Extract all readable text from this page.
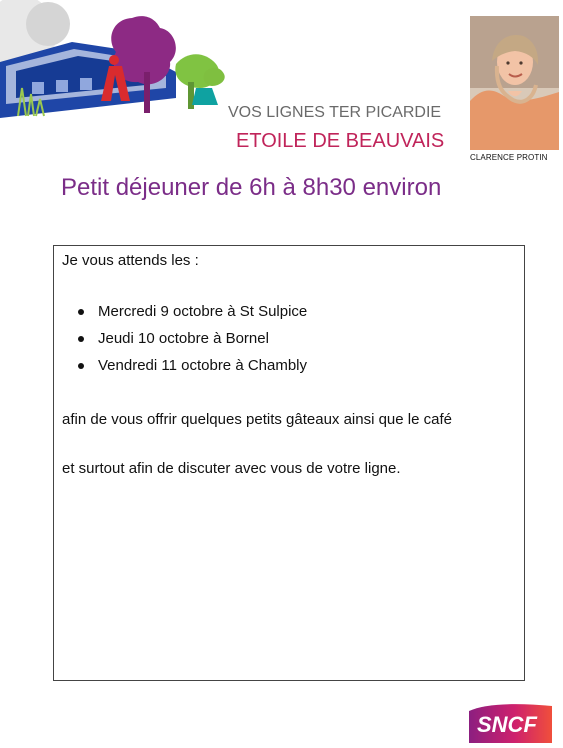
CLARENCE PROTIN
VOS LIGNES TER PICARDIE
ETOILE DE BEAUVAIS
Petit déjeuner de 6h à 8h30 environ
Je vous attends les :
Mercredi 9 octobre à St Sulpice
Jeudi 10 octobre à Bornel
Vendredi 11 octobre à Chambly
afin de vous offrir quelques petits gâteaux ainsi que le café
et surtout afin de discuter avec vous de votre ligne.
SNCF
